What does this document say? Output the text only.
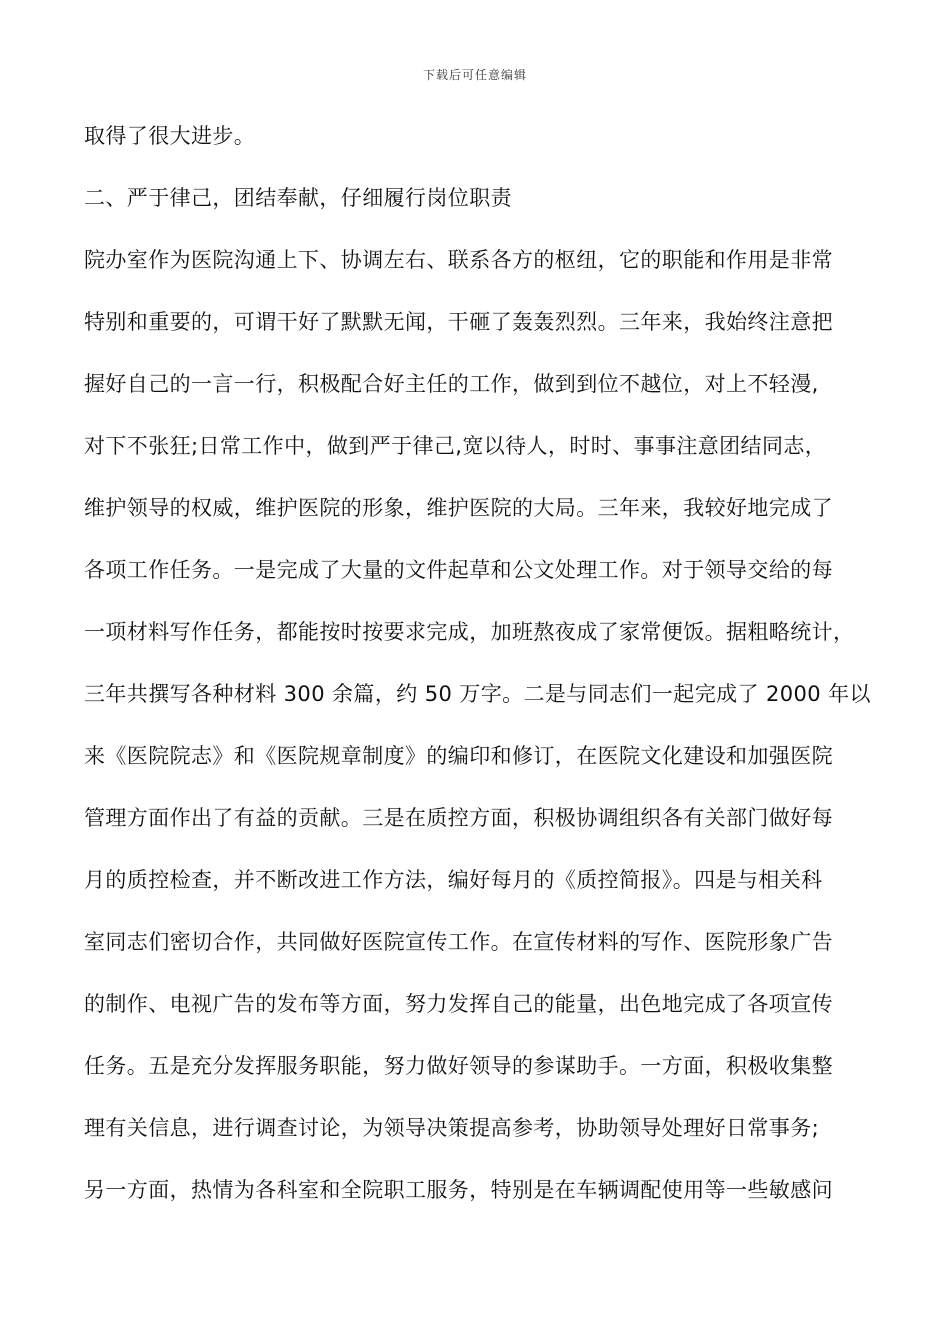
下载后可任意编辑
取得了很大进步。
二、严于律己，团结奉献，仔细履行岗位职责
院办室作为医院沟通上下、协调左右、联系各方的枢纽，它的职能和作用是非常
特别和重要的，可谓干好了默默无闻，干砸了轰轰烈烈。三年来，我始终注意把
握好自己的一言一行，积极配合好主任的工作，做到到位不越位，对上不轻漫,
对下不张狂;日常工作中，做到严于律己,宽以待人，时时、事事注意团结同志，
维护领导的权威，维护医院的形象，维护医院的大局。三年来，我较好地完成了
各项工作任务。一是完成了大量的文件起草和公文处理工作。对于领导交给的每
一项材料写作任务，都能按时按要求完成，加班熬夜成了家常便饭。据粗略统计，
三年共撰写各种材料 300 余篇，约 50 万字。二是与同志们一起完成了 2000 年以
来《医院院志》和《医院规章制度》的编印和修订，在医院文化建设和加强医院
管理方面作出了有益的贡献。三是在质控方面，积极协调组织各有关部门做好每
月的质控检查，并不断改进工作方法，编好每月的《质控简报》。四是与相关科
室同志们密切合作，共同做好医院宣传工作。在宣传材料的写作、医院形象广告
的制作、电视广告的发布等方面，努力发挥自己的能量，出色地完成了各项宣传
任务。五是充分发挥服务职能，努力做好领导的参谋助手。一方面，积极收集整
理有关信息，进行调查讨论，为领导决策提高参考，协助领导处理好日常事务;
另一方面，热情为各科室和全院职工服务，特别是在车辆调配使用等一些敏感问
